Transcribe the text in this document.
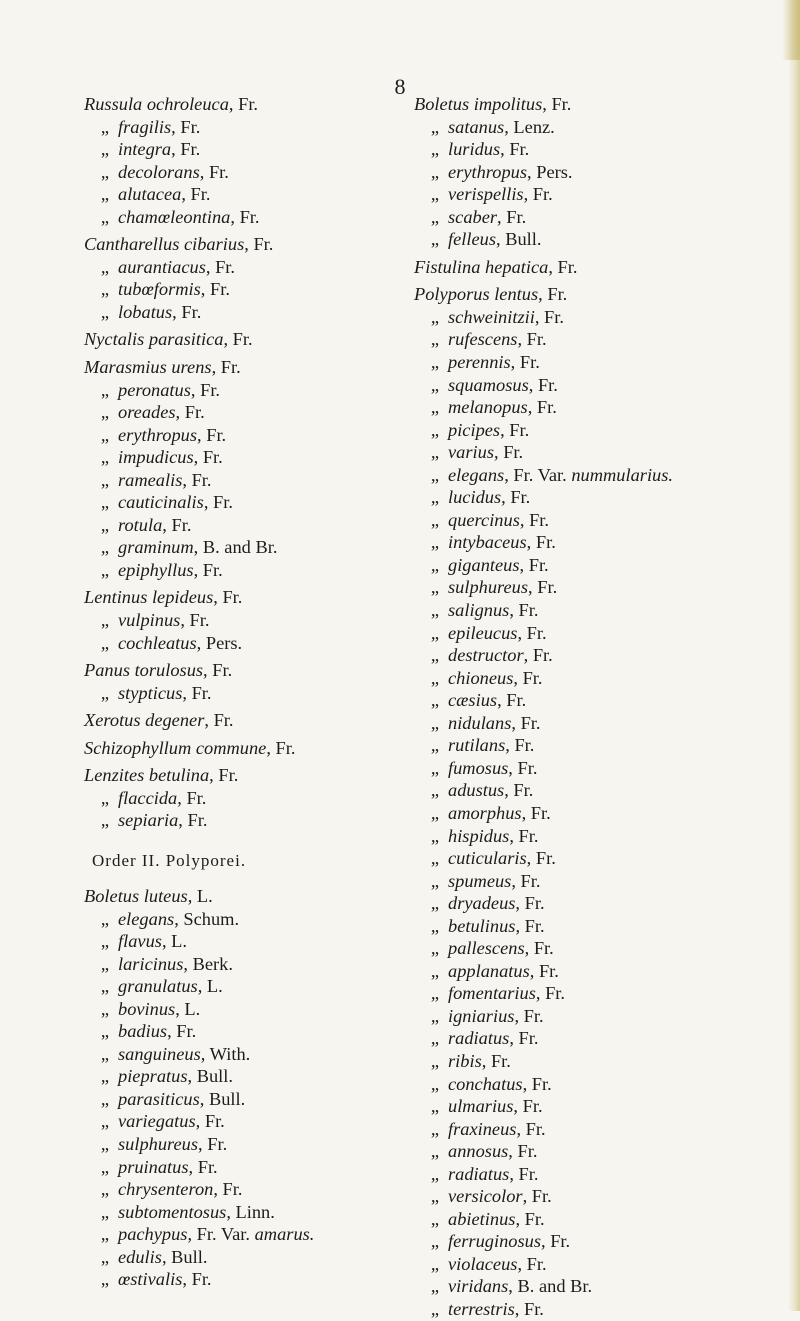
8
Russula ochroleuca, Fr.
„ fragilis, Fr.
„ integra, Fr.
„ decolorans, Fr.
„ alutacea, Fr.
„ chamœleontina, Fr.
Cantharellus cibarius, Fr.
„ aurantiacus, Fr.
„ tubœformis, Fr.
„ lobatus, Fr.
Nyctalis parasitica, Fr.
Marasmius urens, Fr.
„ peronatus, Fr.
„ oreades, Fr.
„ erythropus, Fr.
„ impudicus, Fr.
„ ramealis, Fr.
„ cauticinalis, Fr.
„ rotula, Fr.
„ graminum, B. and Br.
„ epiphyllus, Fr.
Lentinus lepideus, Fr.
„ vulpinus, Fr.
„ cochleatus, Pers.
Panus torulosus, Fr.
„ stypticus, Fr.
Xerotus degener, Fr.
Schizophyllum commune, Fr.
Lenzites betulina, Fr.
„ flaccida, Fr.
„ sepiaria, Fr.
Order II. Polyporei.
Boletus luteus, L.
„ elegans, Schum.
„ flavus, L.
„ laricinus, Berk.
„ granulatus, L.
„ bovinus, L.
„ badius, Fr.
„ sanguineus, With.
„ piepratus, Bull.
„ parasiticus, Bull.
„ variegatus, Fr.
„ sulphureus, Fr.
„ pruinatus, Fr.
„ chrysenteron, Fr.
„ subtomentosus, Linn.
„ pachypus, Fr. Var. amarus.
„ edulis, Bull.
„ œstivalis, Fr.
Boletus impolitus, Fr.
„ satanus, Lenz.
„ luridus, Fr.
„ erythropus, Pers.
„ verispellis, Fr.
„ scaber, Fr.
„ felleus, Bull.
Fistulina hepatica, Fr.
Polyporus lentus, Fr.
„ schweinitzii, Fr.
„ rufescens, Fr.
„ perennis, Fr.
„ squamosus, Fr.
„ melanopus, Fr.
„ picipes, Fr.
„ varius, Fr.
„ elegans, Fr. Var. nummularius.
„ lucidus, Fr.
„ quercinus, Fr.
„ intybaceus, Fr.
„ giganteus, Fr.
„ sulphureus, Fr.
„ salignus, Fr.
„ epileucus, Fr.
„ destructor, Fr.
„ chioneus, Fr.
„ cæsius, Fr.
„ nidulans, Fr.
„ rutilans, Fr.
„ fumosus, Fr.
„ adustus, Fr.
„ amorphus, Fr.
„ hispidus, Fr.
„ cuticularis, Fr.
„ spumeus, Fr.
„ dryadeus, Fr.
„ betulinus, Fr.
„ pallescens, Fr.
„ applanatus, Fr.
„ fomentarius, Fr.
„ igniarius, Fr.
„ radiatus, Fr.
„ ribis, Fr.
„ conchatus, Fr.
„ ulmarius, Fr.
„ fraxineus, Fr.
„ annosus, Fr.
„ radiatus, Fr.
„ versicolor, Fr.
„ abietinus, Fr.
„ ferruginosus, Fr.
„ violaceus, Fr.
„ viridans, B. and Br.
„ terrestris, Fr.
